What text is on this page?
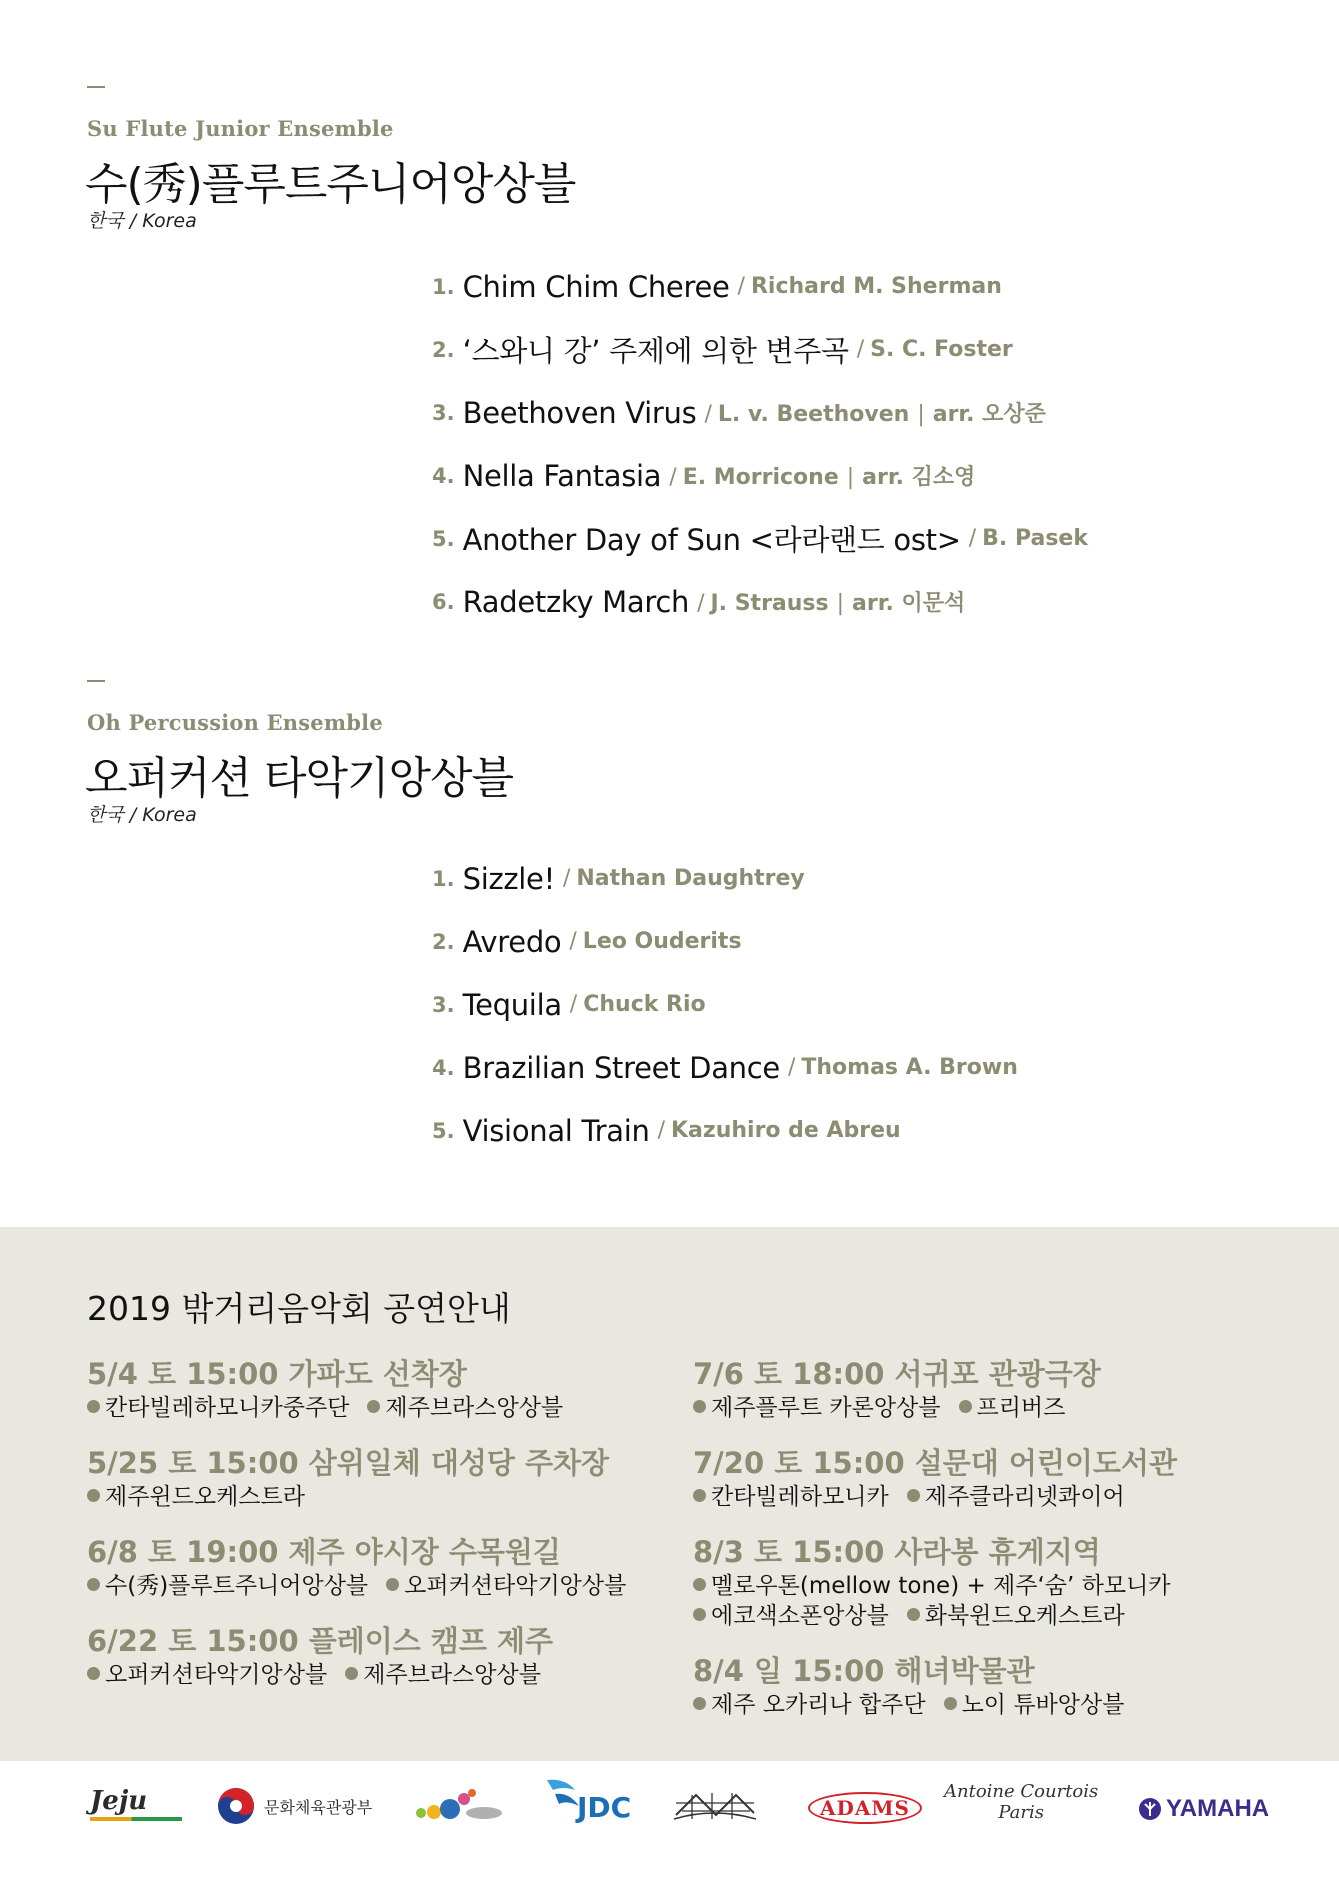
Su Flute Junior Ensemble
수(秀)플루트주니어앙상블
한국 / Korea
1. Chim Chim Cheree / Richard M. Sherman
2. ‘스와니 강’ 주제에 의한 변주곡 / S. C. Foster
3. Beethoven Virus / L. v. Beethoven | arr. 오상준
4. Nella Fantasia / E. Morricone | arr. 김소영
5. Another Day of Sun <라라랜드 ost> / B. Pasek
6. Radetzky March / J. Strauss | arr. 이문석
Oh Percussion Ensemble
오퍼커션 타악기앙상블
한국 / Korea
1. Sizzle! / Nathan Daughtrey
2. Avredo / Leo Ouderits
3. Tequila / Chuck Rio
4. Brazilian Street Dance / Thomas A. Brown
5. Visional Train / Kazuhiro de Abreu
2019 밖거리음악회 공연안내
5/4 토 15:00 가파도 선착장
칸타빌레하모니카중주단 제주브라스앙상블
5/25 토 15:00 삼위일체 대성당 주차장
제주윈드오케스트라
6/8 토 19:00 제주 야시장 수목원길
수(秀)플루트주니어앙상블 오퍼커션타악기앙상블
6/22 토 15:00 플레이스 캠프 제주
오퍼커션타악기앙상블 제주브라스앙상블
7/6 토 18:00 서귀포 관광극장
제주플루트 카론앙상블 프리버즈
7/20 토 15:00 설문대 어린이도서관
칸타빌레하모니카 제주클라리넷콰이어
8/3 토 15:00 사라봉 휴게지역
멜로우톤(mellow tone) + 제주‘숨’ 하모니카
에코색소폰앙상블 화북윈드오케스트라
8/4 일 15:00 해녀박물관
제주 오카리나 합주단 노이 튜바앙상블
Jeju	문화체육관광부	JDC	ADAMS
Antoine Courtois
Paris	YAMAHA
